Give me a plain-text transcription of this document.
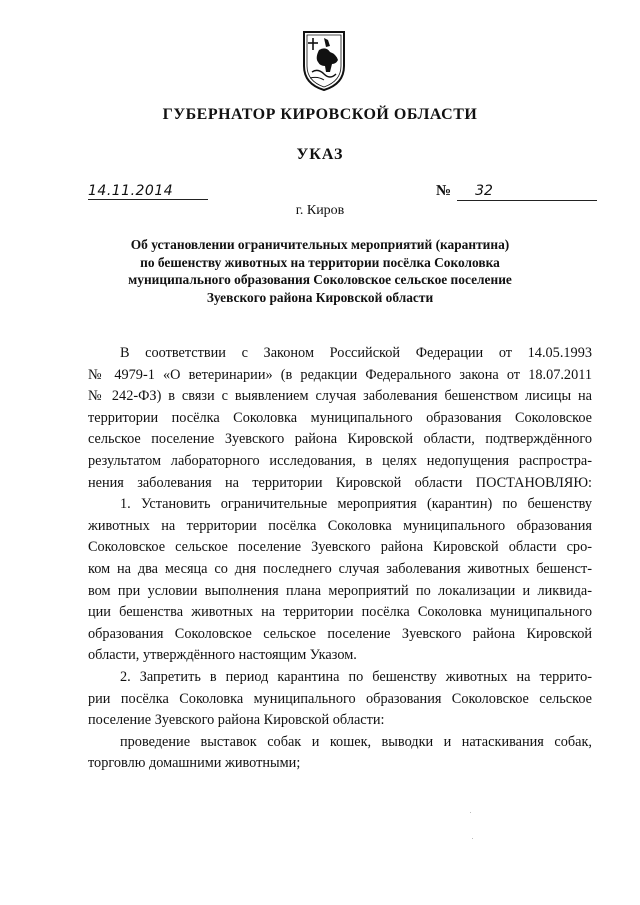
ГУБЕРНАТОР КИРОВСКОЙ ОБЛАСТИ
УКАЗ
14.11.2014	№ 32
г. Киров
Об установлении ограничительных мероприятий (карантина)
по бешенству животных на территории посёлка Соколовка
муниципального образования Соколовское сельское поселение
Зуевского района Кировской области
В соответствии с Законом Российской Федерации от 14.05.1993
№ 4979-1 «О ветеринарии» (в редакции Федерального закона от 18.07.2011
№ 242-ФЗ) в связи с выявлением случая заболевания бешенством лисицы на
территории посёлка Соколовка муниципального образования Соколовское
сельское поселение Зуевского района Кировской области, подтверждённого
результатом лабораторного исследования, в целях недопущения распростра-
нения заболевания на территории Кировской области ПОСТАНОВЛЯЮ:
1. Установить ограничительные мероприятия (карантин) по бешенству
животных на территории посёлка Соколовка муниципального образования
Соколовское сельское поселение Зуевского района Кировской области сро-
ком на два месяца со дня последнего случая заболевания животных бешенст-
вом при условии выполнения плана мероприятий по локализации и ликвида-
ции бешенства животных на территории посёлка Соколовка муниципального
образования Соколовское сельское поселение Зуевского района Кировской
области, утверждённого настоящим Указом.
2. Запретить в период карантина по бешенству животных на террито-
рии посёлка Соколовка муниципального образования Соколовское сельское
поселение Зуевского района Кировской области:
проведение выставок собак и кошек, выводки и натаскивания собак,
торговлю домашними животными;
